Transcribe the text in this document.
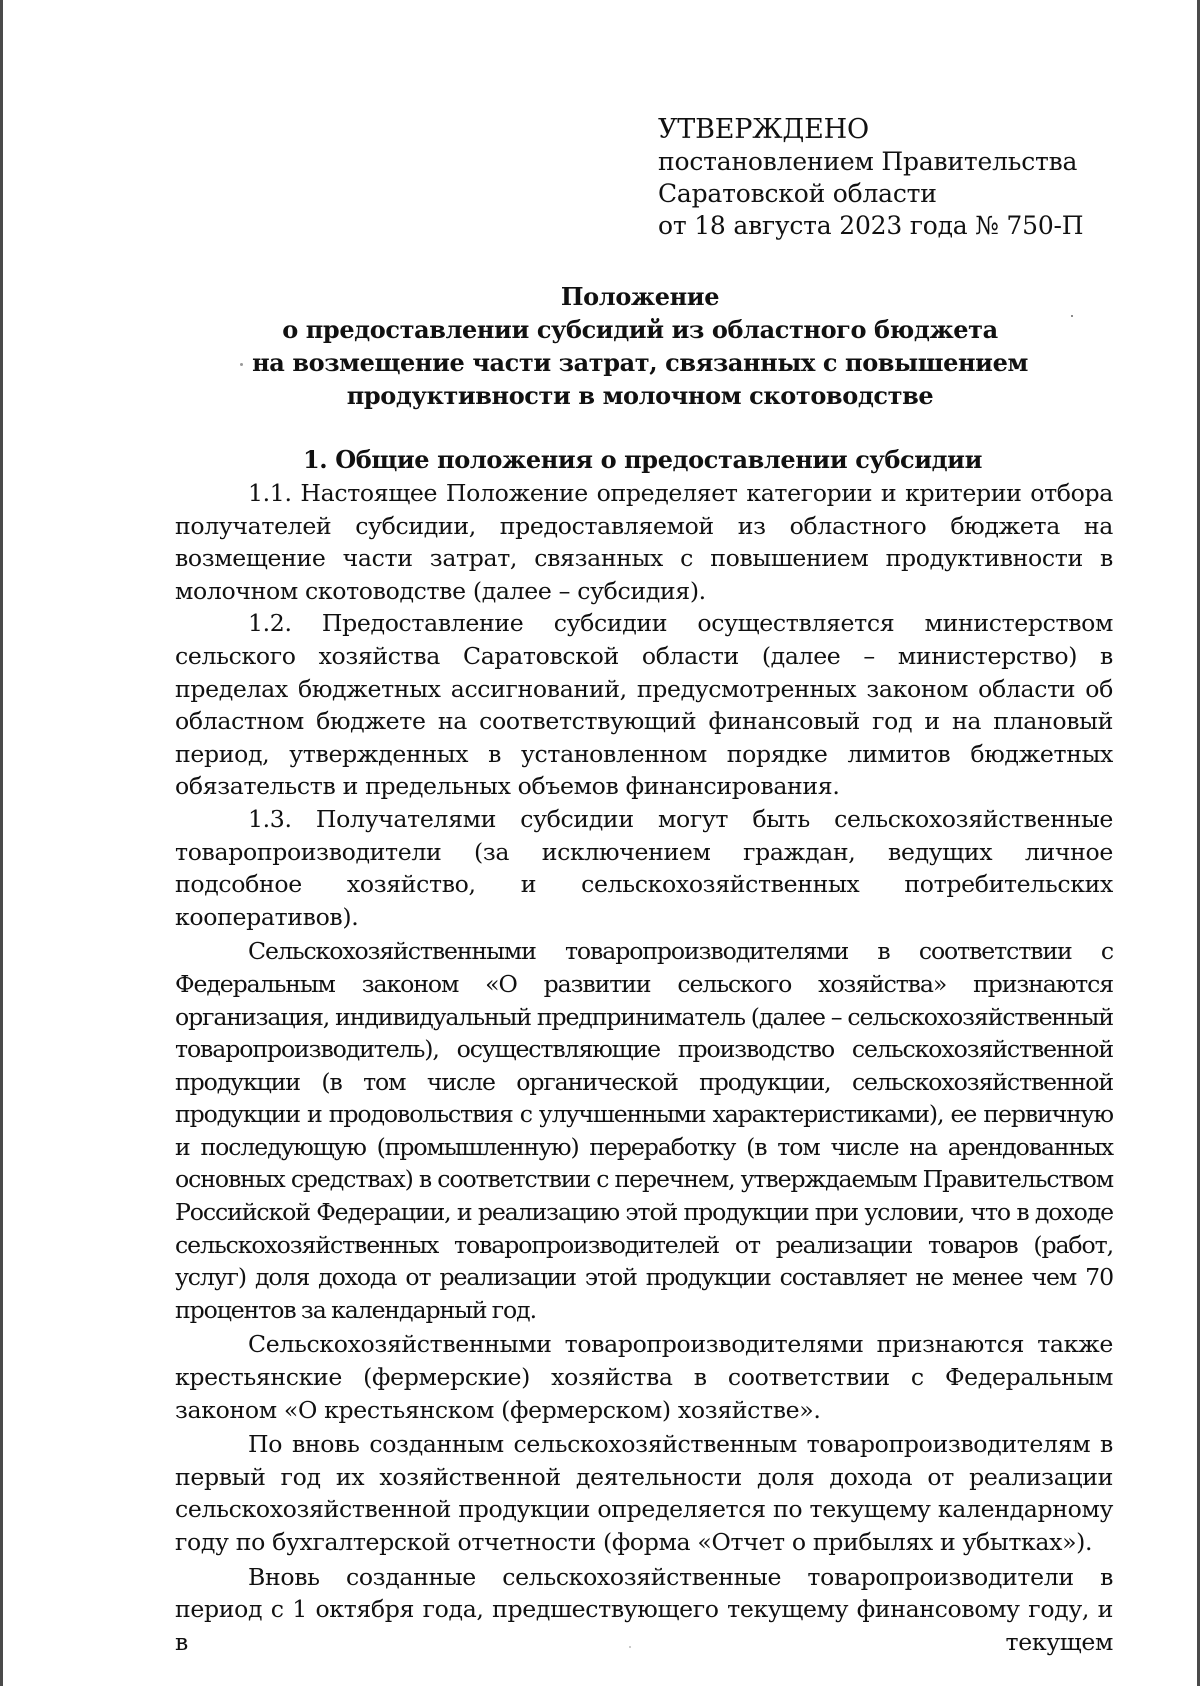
УТВЕРЖДЕНО
постановлением Правительства
Саратовской области
от 18 августа 2023 года № 750-П
Положение
о предоставлении субсидий из областного бюджета
на возмещение части затрат, связанных с повышением
продуктивности в молочном скотоводстве
1. Общие положения о предоставлении субсидии

1.1. Настоящее Положение определяет категории и критерии отбора получателей субсидии, предоставляемой из областного бюджета на возмещение части затрат, связанных с повышением продуктивности в молочном скотоводстве (далее – субсидия).

1.2. Предоставление субсидии осуществляется министерством сельского хозяйства Саратовской области (далее – министерство) в пределах бюджетных ассигнований, предусмотренных законом области об областном бюджете на соответствующий финансовый год и на плановый период, утвержденных в установленном порядке лимитов бюджетных обязательств и предельных объемов финансирования.

1.3. Получателями субсидии могут быть сельскохозяйственные товаропроизводители (за исключением граждан, ведущих личное подсобное хозяйство, и сельскохозяйственных потребительских кооперативов).

Сельскохозяйственными товаропроизводителями в соответствии с Федеральным законом «О развитии сельского хозяйства» признаются организация, индивидуальный предприниматель (далее – сельскохозяйственный товаропроизводитель), осуществляющие производство сельскохозяйственной продукции (в том числе органической продукции, сельскохозяйственной продукции и продовольствия с улучшенными характеристиками), ее первичную и последующую (промышленную) переработку (в том числе на арендованных основных средствах) в соответствии с перечнем, утверждаемым Правительством Российской Федерации, и реализацию этой продукции при условии, что в доходе сельскохозяйственных товаропроизводителей от реализации товаров (работ, услуг) доля дохода от реализации этой продукции составляет не менее чем 70 процентов за календарный год.

Сельскохозяйственными товаропроизводителями признаются также крестьянские (фермерские) хозяйства в соответствии с Федеральным законом «О крестьянском (фермерском) хозяйстве».

По вновь созданным сельскохозяйственным товаропроизводителям в первый год их хозяйственной деятельности доля дохода от реализации сельскохозяйственной продукции определяется по текущему календарному году по бухгалтерской отчетности (форма «Отчет о прибылях и убытках»).

Вновь созданные сельскохозяйственные товаропроизводители в период с 1 октября года, предшествующего текущему финансовому году, и в текущем
